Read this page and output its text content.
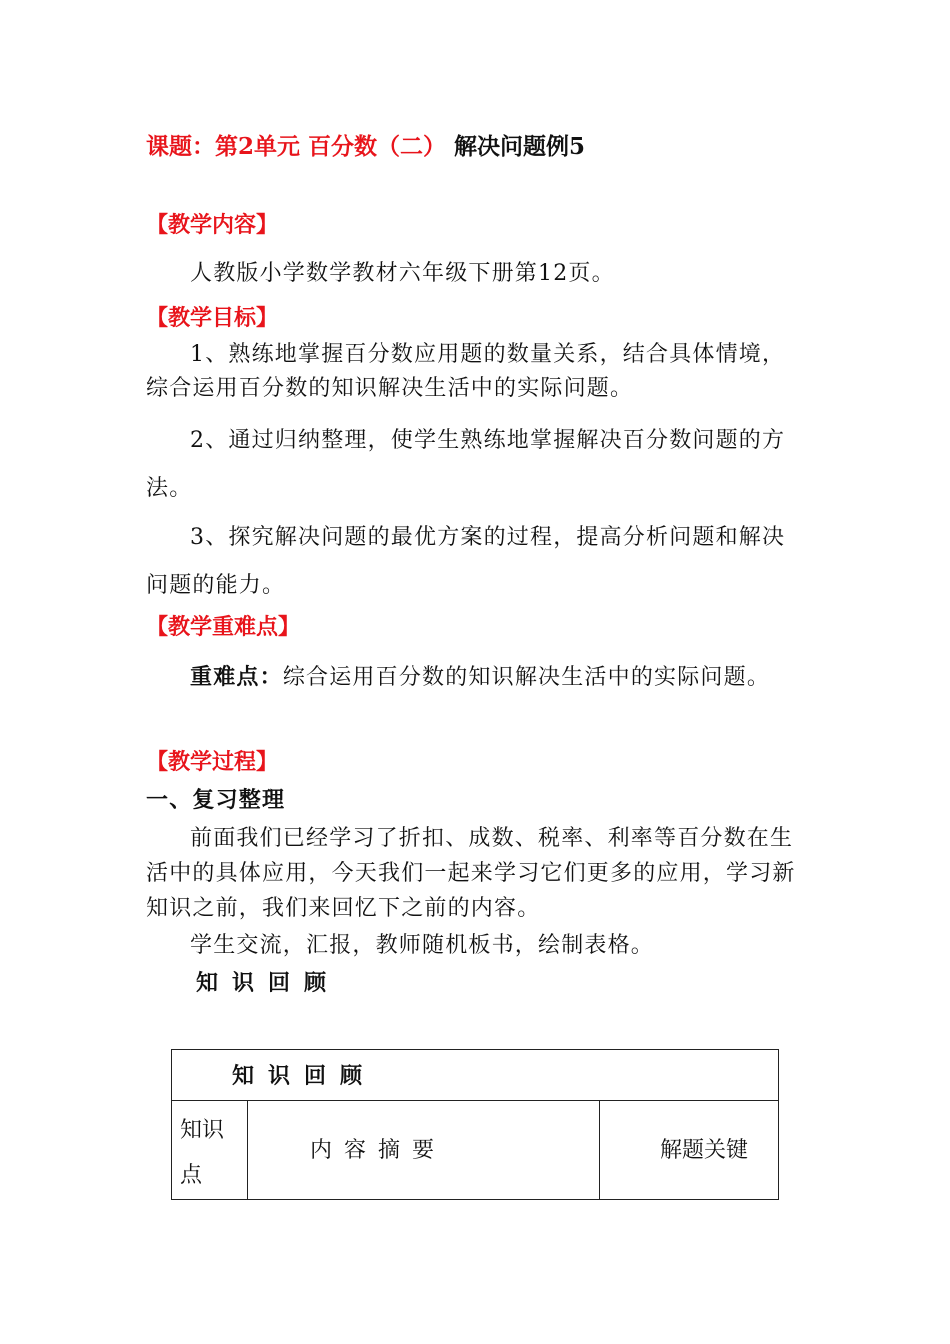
课题：第2单元 百分数（二） 解决问题例5
【教学内容】
人教版小学数学教材六年级下册第12页。
【教学目标】
1、熟练地掌握百分数应用题的数量关系，结合具体情境，综合运用百分数的知识解决生活中的实际问题。
2、通过归纳整理，使学生熟练地掌握解决百分数问题的方法。
3、探究解决问题的最优方案的过程，提高分析问题和解决问题的能力。
【教学重难点】
重难点：综合运用百分数的知识解决生活中的实际问题。
【教学过程】
一、复习整理
前面我们已经学习了折扣、成数、税率、利率等百分数在生活中的具体应用，今天我们一起来学习它们更多的应用，学习新知识之前，我们来回忆下之前的内容。
学生交流，汇报，教师随机板书，绘制表格。
知识回顾
知识回顾
知识点
内容摘要	解题关键
